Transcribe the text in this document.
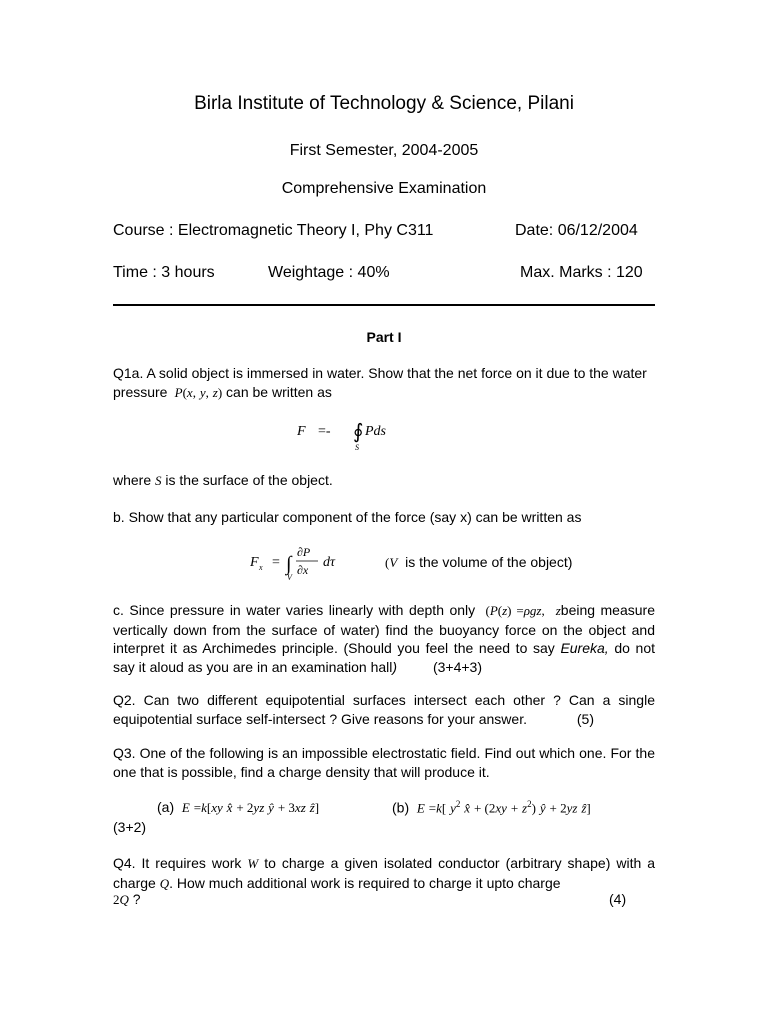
Birla Institute of Technology & Science, Pilani
First Semester, 2004-2005
Comprehensive Examination
Course : Electromagnetic Theory I, Phy C311	Date: 06/12/2004
Time : 3 hours	Weightage : 40%	Max. Marks : 120
Part I
Q1a. A solid object is immersed in water. Show that the net force on it due to the water pressure  P(x, y, z) can be written as
F =- ∮ Pds
S
where S is the surface of the object.
b. Show that any particular component of the force (say x) can be written as
F x = ∫
∂P
∂x dτ
V
(V is the volume of the object)
c. Since pressure in water varies linearly with depth only  (P(z) =ρgz, zbeing measure vertically down from the surface of water) find the buoyancy force on the object and interpret it as Archimedes principle. (Should you feel the need to say Eureka, do not say it aloud as you are in an examination hall)	(3+4+3)
Q2. Can two different equipotential surfaces intersect each other ? Can a single equipotential surface self-intersect ? Give reasons for your answer.	(5)
Q3. One of the following is an impossible electrostatic field. Find out which one. For the one that is possible, find a charge density that will produce it.
(a) E =k[xy x̂ + 2yz ŷ + 3xz ẑ]	(b) E =k[ $y^2$ x̂ + $(2xy + z^2)$ ŷ + 2yz ẑ]
(3+2)
Q4. It requires work W to charge a given isolated conductor (arbitrary shape) with a charge Q. How much additional work is required to charge it upto charge
2Q ?	(4)
